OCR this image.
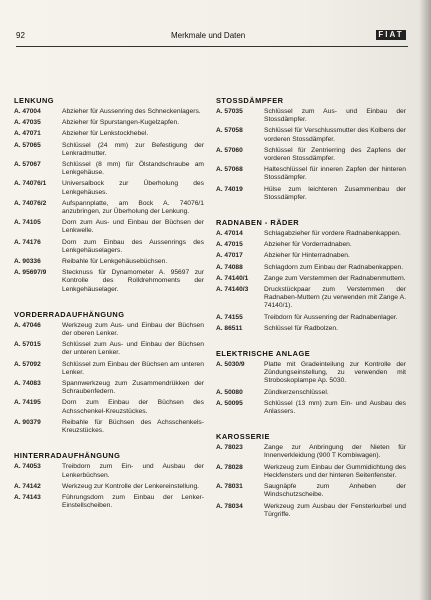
92	Merkmale und Daten	FIAT
LENKUNG
A. 47004	Abzieher für Aussenring des Schneckenlagers.
A. 47035	Abzieher für Spurstangen-Kugelzapfen.
A. 47071	Abzieher für Lenkstockhebel.
A. 57065	Schlüssel (24 mm) zur Befestigung der Lenkradmutter.
A. 57067	Schlüssel (8 mm) für Ölstandschraube am Lenkgehäuse.
A. 74076/1	Universalbock zur Überholung des Lenkgehäuses.
A. 74076/2	Aufspannplatte, am Bock A. 74076/1 anzubringen, zur Überholung der Lenkung.
A. 74105	Dorn zum Aus- und Einbau der Büchsen der Lenkwelle.
A. 74176	Dorn zum Einbau des Aussenrings des Lenkgehäuselagers.
A. 90336	Reibahle für Lenkgehäusebüchsen.
A. 95697/9	Stecknuss für Dynamometer A. 95697 zur Kontrolle des Rolldrehmoments der Lenkgehäuselager.
VORDERRADAUFHÄNGUNG
A. 47046	Werkzeug zum Aus- und Einbau der Büchsen der oberen Lenker.
A. 57015	Schlüssel zum Aus- und Einbau der Büchsen der unteren Lenker.
A. 57092	Schlüssel zum Einbau der Büchsen am unteren Lenker.
A. 74083	Spannwerkzeug zum Zusammendrükken der Schraubenfedern.
A. 74195	Dorn zum Einbau der Büchsen des Achsschenkel-Kreuzstückes.
A. 90379	Reibahle für Büchsen des Achsschenkels-Kreuzstückes.
HINTERRADAUFHÄNGUNG
A. 74053	Treibdorn zum Ein- und Ausbau der Lenkerbüchsen.
A. 74142	Werkzeug zur Kontrolle der Lenkereinstellung.
A. 74143	Führungsdorn zum Einbau der Lenker-Einstellscheiben.
STOSSDÄMPFER
A. 57035	Schlüssel zum Aus- und Einbau der Stossdämpfer.
A. 57058	Schlüssel für Verschlussmutter des Kolbens der vorderen Stossdämpfer.
A. 57060	Schlüssel für Zentrierring des Zapfens der vorderen Stossdämpfer.
A. 57068	Halteschlüssel für inneren Zapfen der hinteren Stossdämpfer.
A. 74019	Hülse zum leichteren Zusammenbau der Stossdämpfer.
RADNABEN - RÄDER
A. 47014	Schlagabzieher für vordere Radnabenkappen.
A. 47015	Abzieher für Vorderradnaben.
A. 47017	Abzieher für Hinterradnaben.
A. 74088	Schlagdorn zum Einbau der Radnabenkappen.
A. 74140/1	Zange zum Verstemmen der Radnabenmuttern.
A. 74140/3	Druckstückpaar zum Verstemmen der Radnaben-Muttern (zu verwenden mit Zange A. 74140/1).
A. 74155	Treibdorn für Aussenring der Radnabenlager.
A. 86511	Schlüssel für Radbolzen.
ELEKTRISCHE ANLAGE
A. 5030/9	Platte mit Gradeinteilung zur Kontrolle der Zündungseinstellung, zu verwenden mit Stroboskoplampe Ap. 5030.
A. 50080	Zündkerzenschlüssel.
A. 50095	Schlüssel (13 mm) zum Ein- und Ausbau des Anlassers.
KAROSSERIE
A. 78023	Zange zur Anbringung der Nieten für Innenverkleidung (900 T Kombiwagen).
A. 78028	Werkzeug zum Einbau der Gummidichtung des Heckfensters und der hinteren Seitenfenster.
A. 78031	Saugnäpfe zum Anheben der Windschutzscheibe.
A. 78034	Werkzeug zum Ausbau der Fensterkurbel und Türgriffe.
